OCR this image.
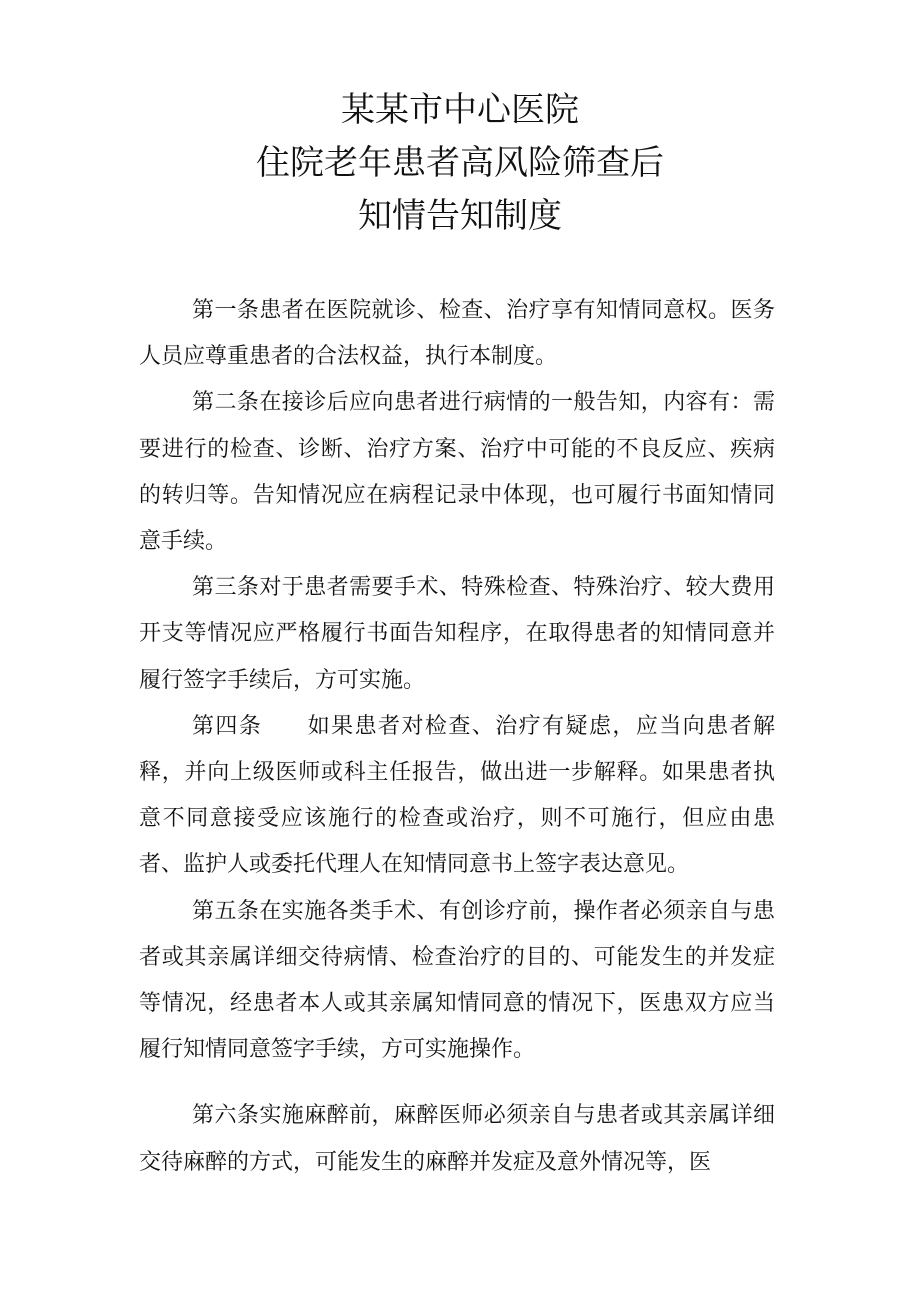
某某市中心医院
住院老年患者高风险筛查后
知情告知制度

第一条患者在医院就诊、检查、治疗享有知情同意权。医务人员应尊重患者的合法权益，执行本制度。

第二条在接诊后应向患者进行病情的一般告知，内容有：需要进行的检查、诊断、治疗方案、治疗中可能的不良反应、疾病的转归等。告知情况应在病程记录中体现，也可履行书面知情同意手续。

第三条对于患者需要手术、特殊检查、特殊治疗、较大费用开支等情况应严格履行书面告知程序，在取得患者的知情同意并履行签字手续后，方可实施。

第四条 如果患者对检查、治疗有疑虑，应当向患者解释，并向上级医师或科主任报告，做出进一步解释。如果患者执意不同意接受应该施行的检查或治疗，则不可施行，但应由患者、监护人或委托代理人在知情同意书上签字表达意见。

第五条在实施各类手术、有创诊疗前，操作者必须亲自与患者或其亲属详细交待病情、检查治疗的目的、可能发生的并发症等情况，经患者本人或其亲属知情同意的情况下，医患双方应当履行知情同意签字手续，方可实施操作。

第六条实施麻醉前，麻醉医师必须亲自与患者或其亲属详细交待麻醉的方式，可能发生的麻醉并发症及意外情况等，医
